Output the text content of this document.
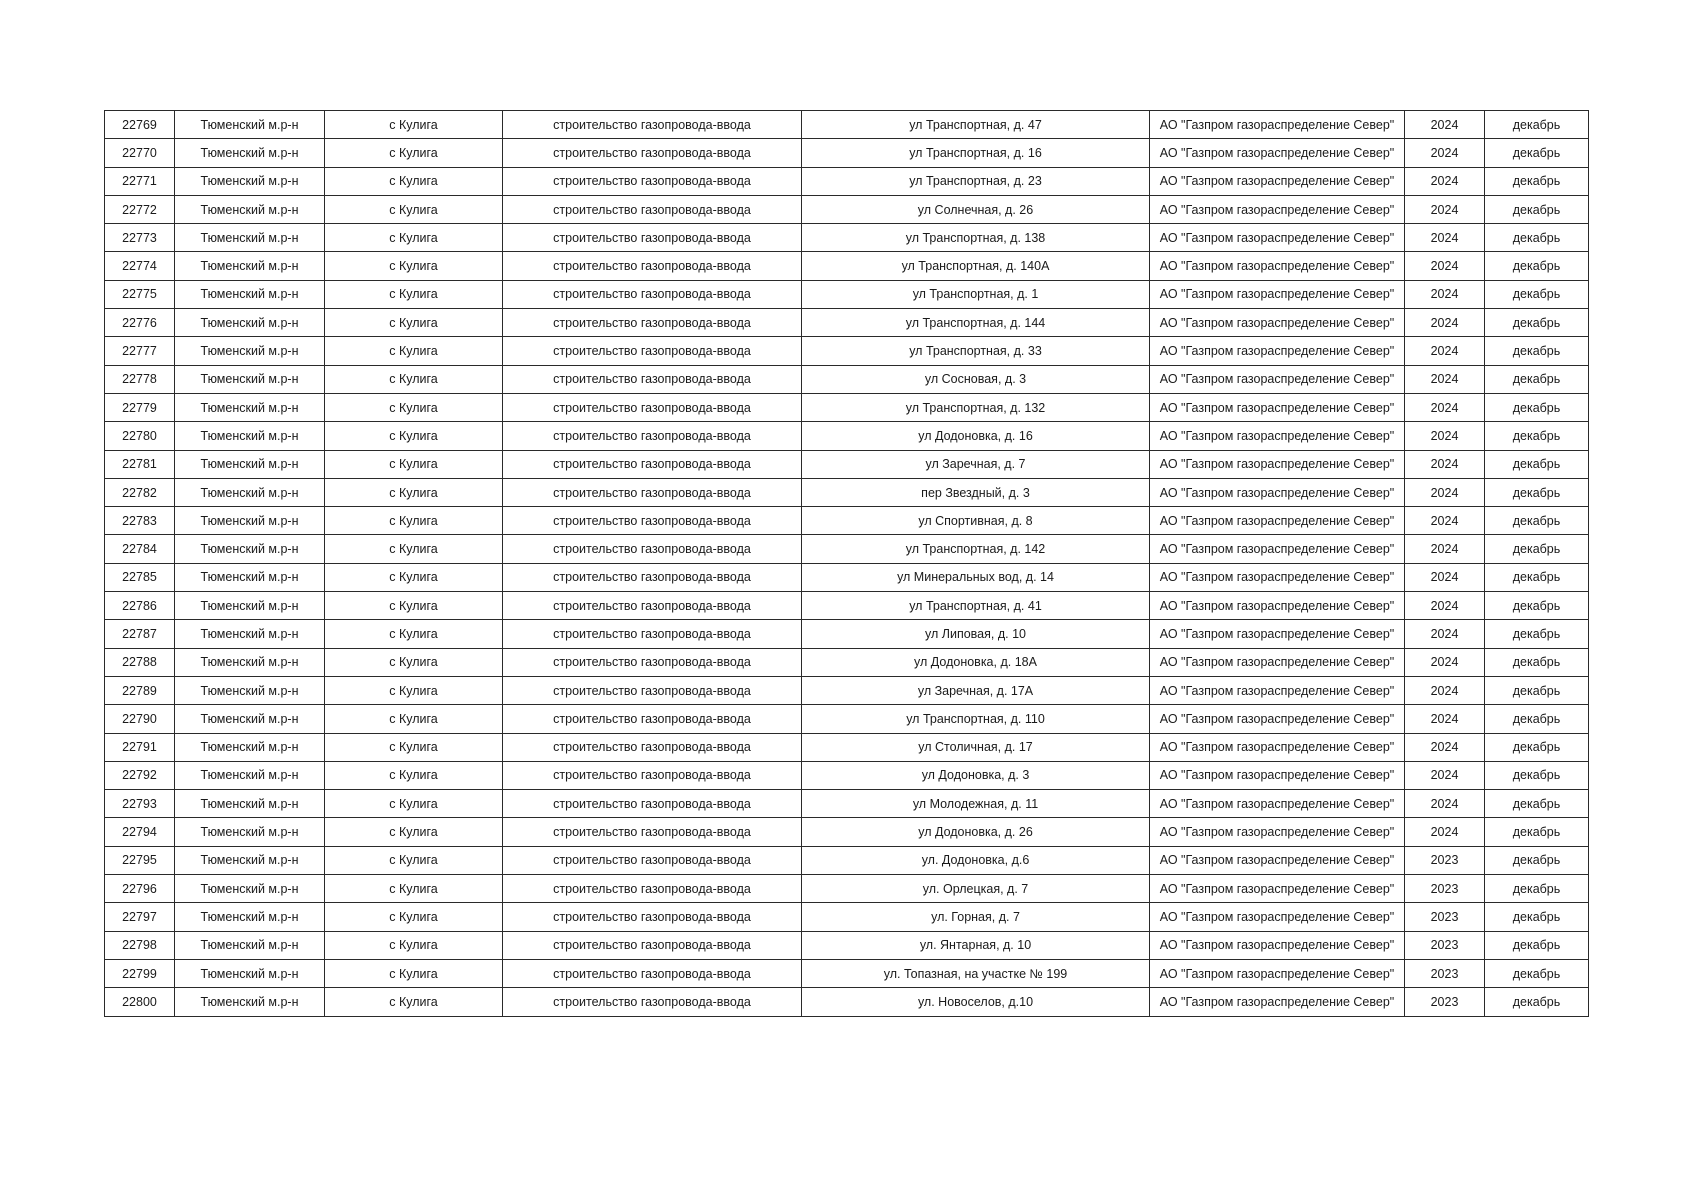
22769	Тюменский м.р-н	с Кулига	строительство газопровода-ввода	ул Транспортная, д. 47	АО "Газпром газораспределение Север"	2024	декабрь
22770	Тюменский м.р-н	с Кулига	строительство газопровода-ввода	ул Транспортная, д. 16	АО "Газпром газораспределение Север"	2024	декабрь
22771	Тюменский м.р-н	с Кулига	строительство газопровода-ввода	ул Транспортная, д. 23	АО "Газпром газораспределение Север"	2024	декабрь
22772	Тюменский м.р-н	с Кулига	строительство газопровода-ввода	ул Солнечная, д. 26	АО "Газпром газораспределение Север"	2024	декабрь
22773	Тюменский м.р-н	с Кулига	строительство газопровода-ввода	ул Транспортная, д. 138	АО "Газпром газораспределение Север"	2024	декабрь
22774	Тюменский м.р-н	с Кулига	строительство газопровода-ввода	ул Транспортная, д. 140А	АО "Газпром газораспределение Север"	2024	декабрь
22775	Тюменский м.р-н	с Кулига	строительство газопровода-ввода	ул Транспортная, д. 1	АО "Газпром газораспределение Север"	2024	декабрь
22776	Тюменский м.р-н	с Кулига	строительство газопровода-ввода	ул Транспортная, д. 144	АО "Газпром газораспределение Север"	2024	декабрь
22777	Тюменский м.р-н	с Кулига	строительство газопровода-ввода	ул Транспортная, д. 33	АО "Газпром газораспределение Север"	2024	декабрь
22778	Тюменский м.р-н	с Кулига	строительство газопровода-ввода	ул Сосновая, д. 3	АО "Газпром газораспределение Север"	2024	декабрь
22779	Тюменский м.р-н	с Кулига	строительство газопровода-ввода	ул Транспортная, д. 132	АО "Газпром газораспределение Север"	2024	декабрь
22780	Тюменский м.р-н	с Кулига	строительство газопровода-ввода	ул Додоновка, д. 16	АО "Газпром газораспределение Север"	2024	декабрь
22781	Тюменский м.р-н	с Кулига	строительство газопровода-ввода	ул Заречная, д. 7	АО "Газпром газораспределение Север"	2024	декабрь
22782	Тюменский м.р-н	с Кулига	строительство газопровода-ввода	пер Звездный, д. 3	АО "Газпром газораспределение Север"	2024	декабрь
22783	Тюменский м.р-н	с Кулига	строительство газопровода-ввода	ул Спортивная, д. 8	АО "Газпром газораспределение Север"	2024	декабрь
22784	Тюменский м.р-н	с Кулига	строительство газопровода-ввода	ул Транспортная, д. 142	АО "Газпром газораспределение Север"	2024	декабрь
22785	Тюменский м.р-н	с Кулига	строительство газопровода-ввода	ул Минеральных вод, д. 14	АО "Газпром газораспределение Север"	2024	декабрь
22786	Тюменский м.р-н	с Кулига	строительство газопровода-ввода	ул Транспортная, д. 41	АО "Газпром газораспределение Север"	2024	декабрь
22787	Тюменский м.р-н	с Кулига	строительство газопровода-ввода	ул Липовая, д. 10	АО "Газпром газораспределение Север"	2024	декабрь
22788	Тюменский м.р-н	с Кулига	строительство газопровода-ввода	ул Додоновка, д. 18А	АО "Газпром газораспределение Север"	2024	декабрь
22789	Тюменский м.р-н	с Кулига	строительство газопровода-ввода	ул Заречная, д. 17А	АО "Газпром газораспределение Север"	2024	декабрь
22790	Тюменский м.р-н	с Кулига	строительство газопровода-ввода	ул Транспортная, д. 110	АО "Газпром газораспределение Север"	2024	декабрь
22791	Тюменский м.р-н	с Кулига	строительство газопровода-ввода	ул Столичная, д. 17	АО "Газпром газораспределение Север"	2024	декабрь
22792	Тюменский м.р-н	с Кулига	строительство газопровода-ввода	ул Додоновка, д. 3	АО "Газпром газораспределение Север"	2024	декабрь
22793	Тюменский м.р-н	с Кулига	строительство газопровода-ввода	ул Молодежная, д. 11	АО "Газпром газораспределение Север"	2024	декабрь
22794	Тюменский м.р-н	с Кулига	строительство газопровода-ввода	ул Додоновка, д. 26	АО "Газпром газораспределение Север"	2024	декабрь
22795	Тюменский м.р-н	с Кулига	строительство газопровода-ввода	ул. Додоновка, д.6	АО "Газпром газораспределение Север"	2023	декабрь
22796	Тюменский м.р-н	с Кулига	строительство газопровода-ввода	ул. Орлецкая, д. 7	АО "Газпром газораспределение Север"	2023	декабрь
22797	Тюменский м.р-н	с Кулига	строительство газопровода-ввода	ул. Горная, д. 7	АО "Газпром газораспределение Север"	2023	декабрь
22798	Тюменский м.р-н	с Кулига	строительство газопровода-ввода	ул. Янтарная, д. 10	АО "Газпром газораспределение Север"	2023	декабрь
22799	Тюменский м.р-н	с Кулига	строительство газопровода-ввода	ул. Топазная, на участке № 199	АО "Газпром газораспределение Север"	2023	декабрь
22800	Тюменский м.р-н	с Кулига	строительство газопровода-ввода	ул. Новоселов, д.10	АО "Газпром газораспределение Север"	2023	декабрь
